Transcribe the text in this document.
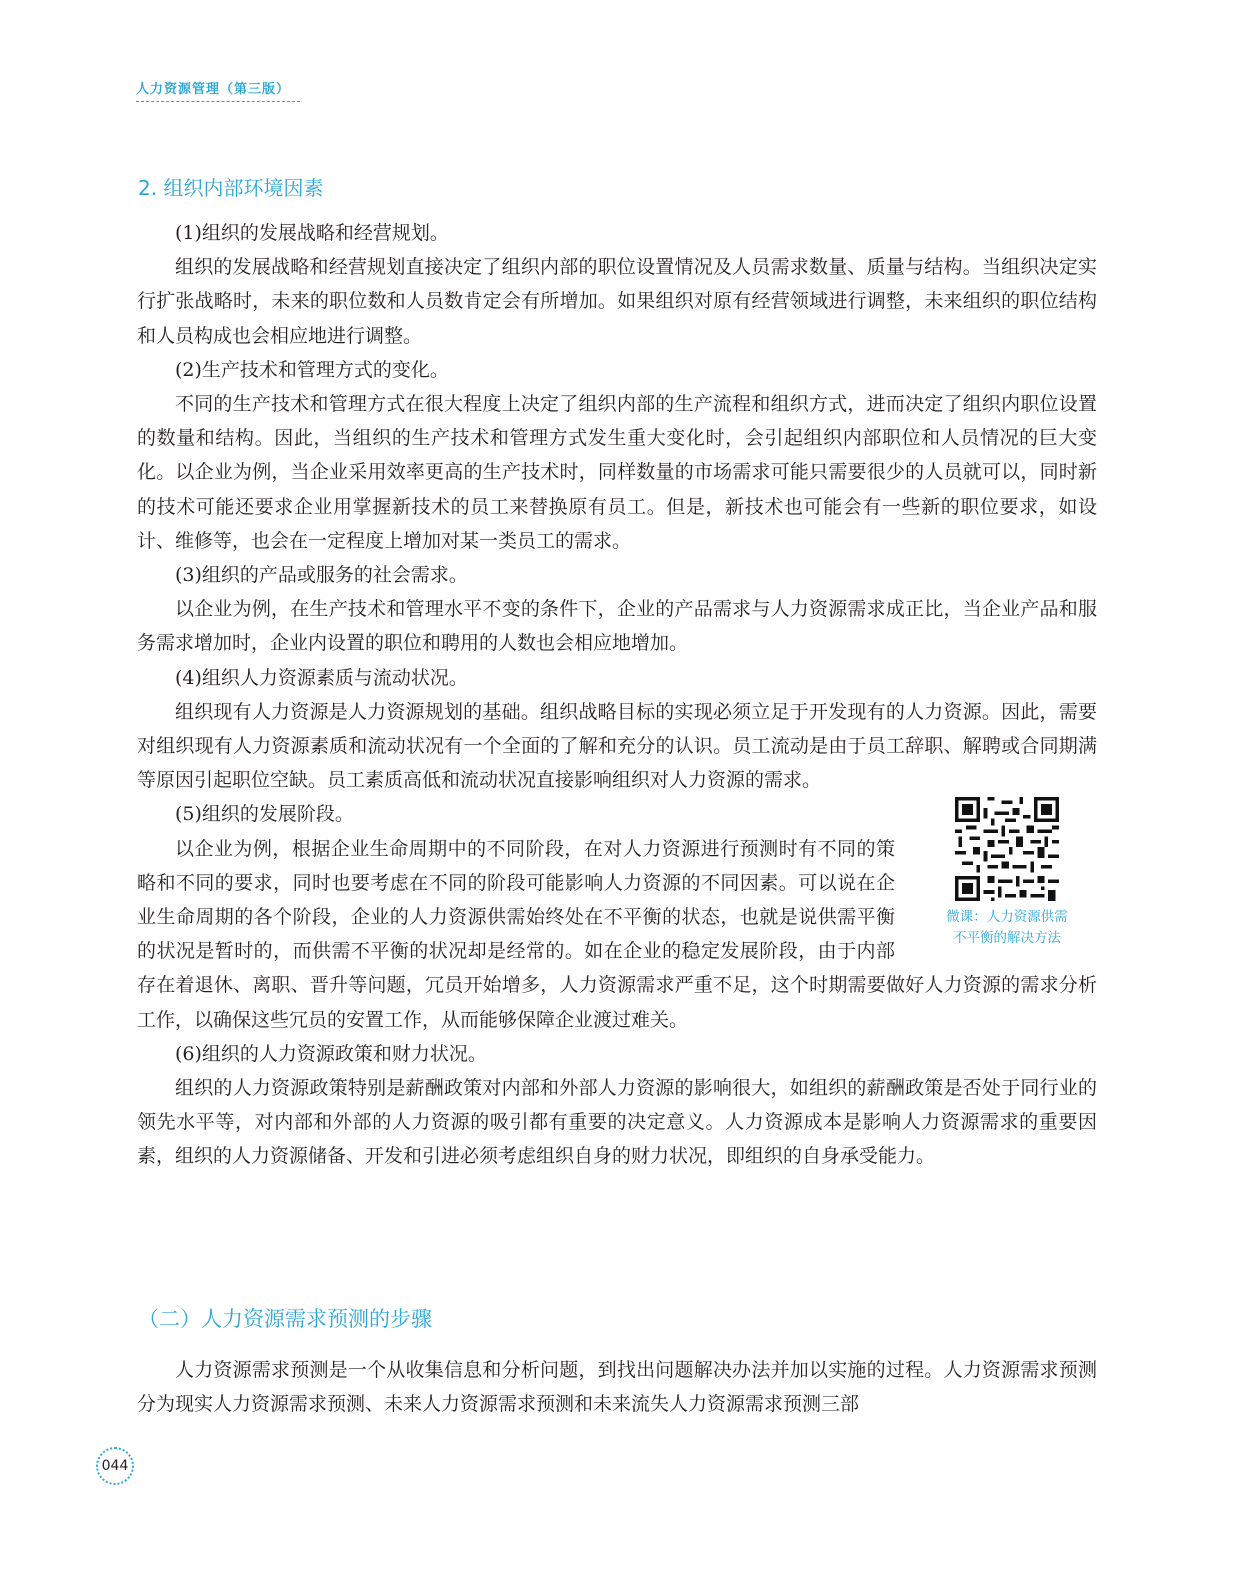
人力资源管理（第三版）
2. 组织内部环境因素

(1)组织的发展战略和经营规划。

组织的发展战略和经营规划直接决定了组织内部的职位设置情况及人员需求数量、质量与结构。当组织决定实行扩张战略时，未来的职位数和人员数肯定会有所增加。如果组织对原有经营领域进行调整，未来组织的职位结构和人员构成也会相应地进行调整。

(2)生产技术和管理方式的变化。

不同的生产技术和管理方式在很大程度上决定了组织内部的生产流程和组织方式，进而决定了组织内职位设置的数量和结构。因此，当组织的生产技术和管理方式发生重大变化时，会引起组织内部职位和人员情况的巨大变化。以企业为例，当企业采用效率更高的生产技术时，同样数量的市场需求可能只需要很少的人员就可以，同时新的技术可能还要求企业用掌握新技术的员工来替换原有员工。但是，新技术也可能会有一些新的职位要求，如设计、维修等，也会在一定程度上增加对某一类员工的需求。

(3)组织的产品或服务的社会需求。

以企业为例，在生产技术和管理水平不变的条件下，企业的产品需求与人力资源需求成正比，当企业产品和服务需求增加时，企业内设置的职位和聘用的人数也会相应地增加。

(4)组织人力资源素质与流动状况。

组织现有人力资源是人力资源规划的基础。组织战略目标的实现必须立足于开发现有的人力资源。因此，需要对组织现有人力资源素质和流动状况有一个全面的了解和充分的认识。员工流动是由于员工辞职、解聘或合同期满等原因引起职位空缺。员工素质高低和流动状况直接影响组织对人力资源的需求。

微课：人力资源供需
不平衡的解决方法

(5)组织的发展阶段。

以企业为例，根据企业生命周期中的不同阶段，在对人力资源进行预测时有不同的策略和不同的要求，同时也要考虑在不同的阶段可能影响人力资源的不同因素。可以说在企业生命周期的各个阶段，企业的人力资源供需始终处在不平衡的状态，也就是说供需平衡的状况是暂时的，而供需不平衡的状况却是经常的。如在企业的稳定发展阶段，由于内部存在着退休、离职、晋升等问题，冗员开始增多，人力资源需求严重不足，这个时期需要做好人力资源的需求分析工作，以确保这些冗员的安置工作，从而能够保障企业渡过难关。

(6)组织的人力资源政策和财力状况。

组织的人力资源政策特别是薪酬政策对内部和外部人力资源的影响很大，如组织的薪酬政策是否处于同行业的领先水平等，对内部和外部的人力资源的吸引都有重要的决定意义。人力资源成本是影响人力资源需求的重要因素，组织的人力资源储备、开发和引进必须考虑组织自身的财力状况，即组织的自身承受能力。

（二）人力资源需求预测的步骤

人力资源需求预测是一个从收集信息和分析问题，到找出问题解决办法并加以实施的过程。人力资源需求预测分为现实人力资源需求预测、未来人力资源需求预测和未来流失人力资源需求预测三部

044
